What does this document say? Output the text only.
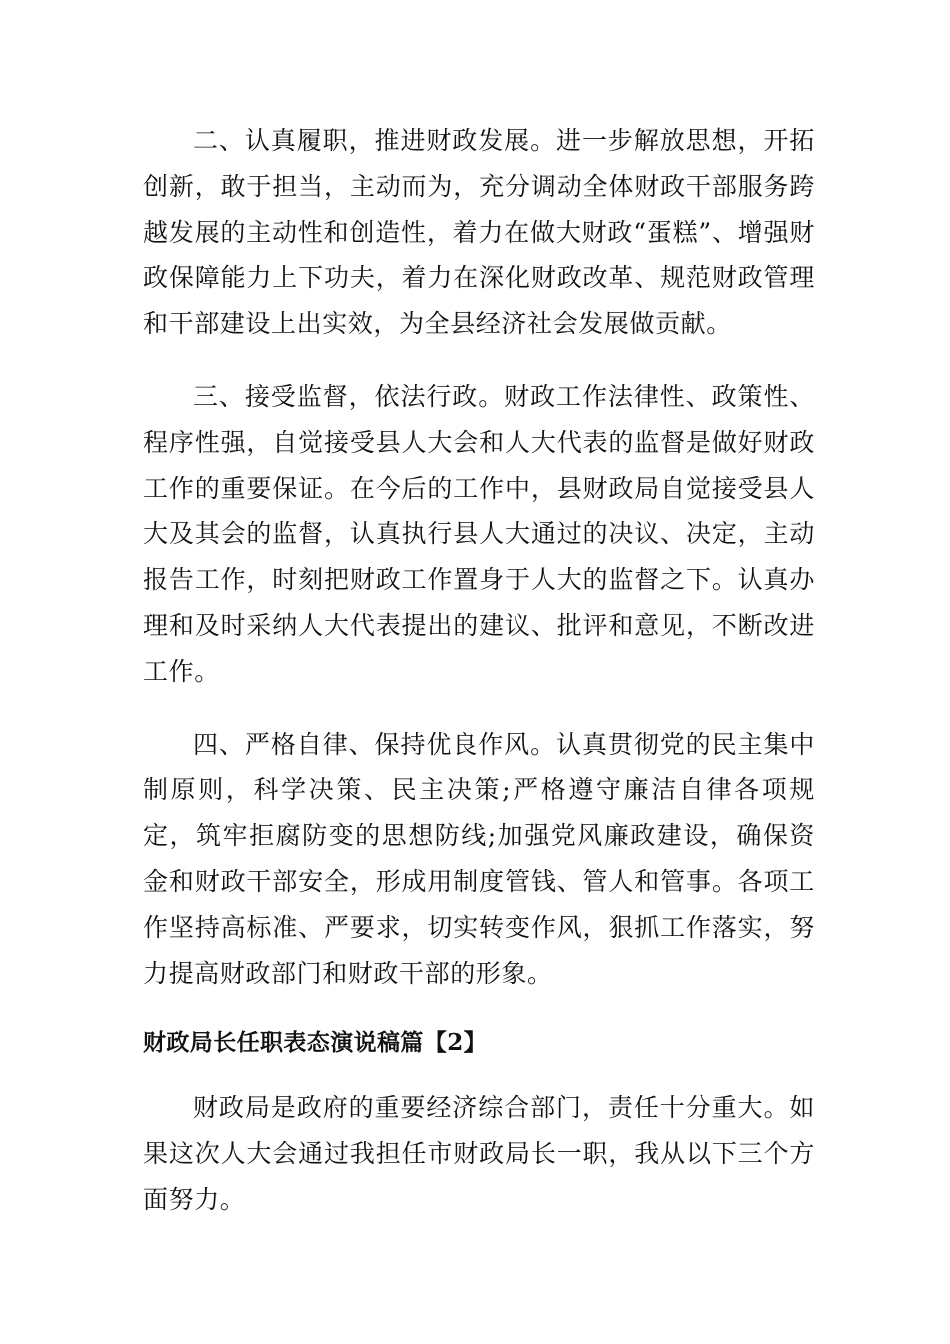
二、认真履职，推进财政发展。进一步解放思想，开拓创新，敢于担当，主动而为，充分调动全体财政干部服务跨越发展的主动性和创造性，着力在做大财政“蛋糕”、增强财政保障能力上下功夫，着力在深化财政改革、规范财政管理和干部建设上出实效，为全县经济社会发展做贡献。

三、接受监督，依法行政。财政工作法律性、政策性、程序性强，自觉接受县人大会和人大代表的监督是做好财政工作的重要保证。在今后的工作中，县财政局自觉接受县人大及其会的监督，认真执行县人大通过的决议、决定，主动报告工作，时刻把财政工作置身于人大的监督之下。认真办理和及时采纳人大代表提出的建议、批评和意见，不断改进工作。

四、严格自律、保持优良作风。认真贯彻党的民主集中制原则，科学决策、民主决策;严格遵守廉洁自律各项规定，筑牢拒腐防变的思想防线;加强党风廉政建设，确保资金和财政干部安全，形成用制度管钱、管人和管事。各项工作坚持高标准、严要求，切实转变作风，狠抓工作落实，努力提高财政部门和财政干部的形象。

财政局长任职表态演说稿篇【2】

财政局是政府的重要经济综合部门，责任十分重大。如果这次人大会通过我担任市财政局长一职，我从以下三个方面努力。
